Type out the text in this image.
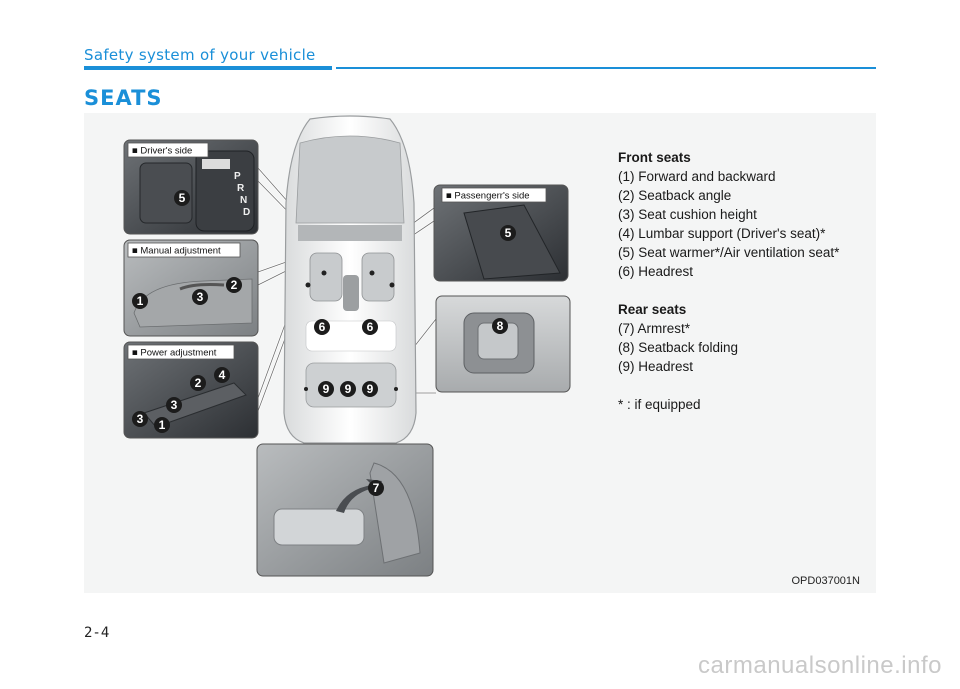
Safety system of your vehicle
SEATS
6	6
9 9 9
P
R
N
D
■ Driver's side
5
■ Manual adjustment
1	3
2
■ Power adjustment
4
2
3
3 1
■ Passengerr's side
5
8
7
Front seats
(1) Forward and backward
(2) Seatback angle
(3) Seat cushion height
(4) Lumbar support (Driver's seat)*
(5) Seat warmer*/Air ventilation seat*
(6) Headrest
Rear seats
(7) Armrest*
(8) Seatback folding
(9) Headrest
* : if equipped
OPD037001N
2-4
carmanualsonline.info
